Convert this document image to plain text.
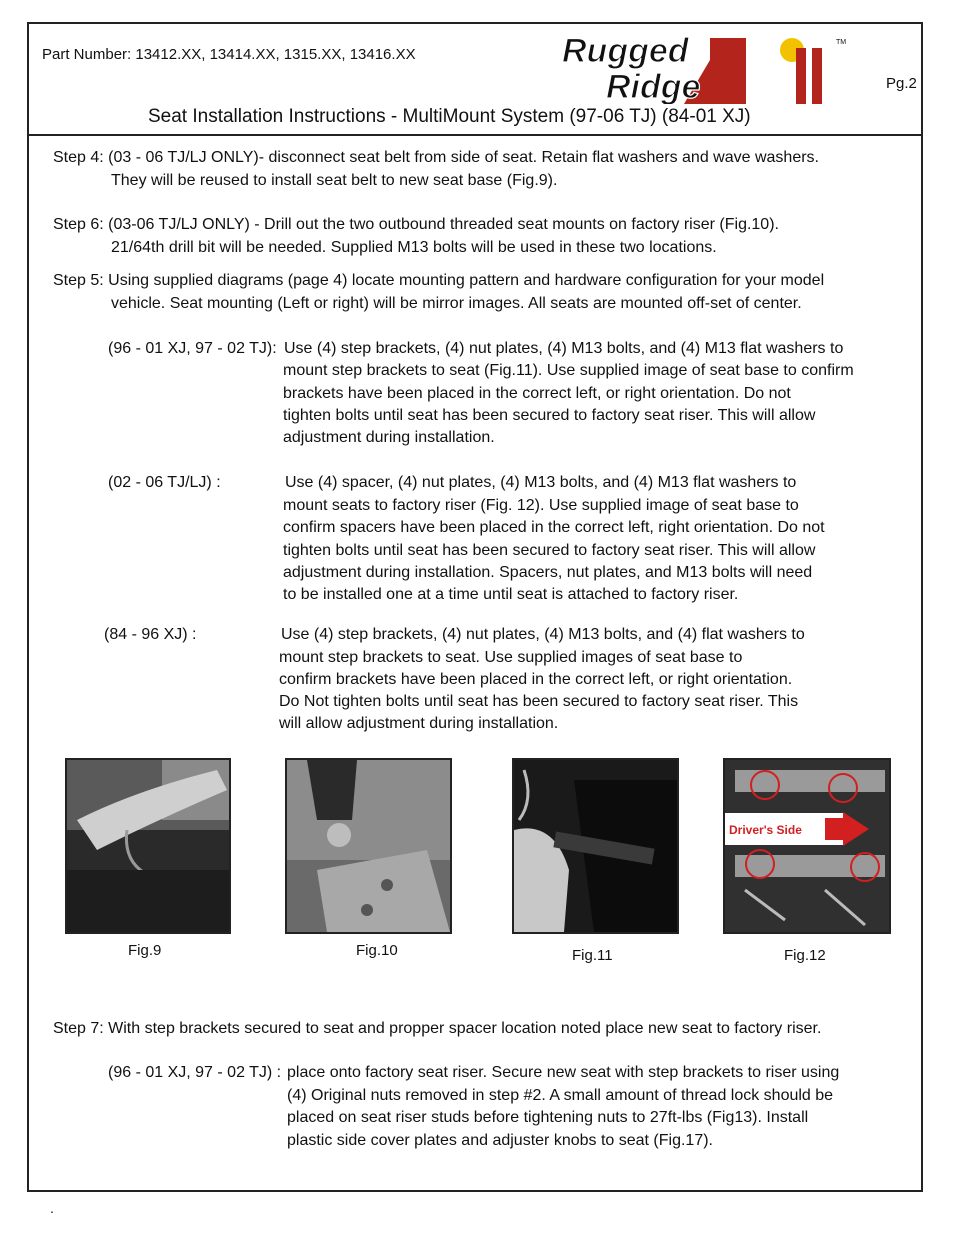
Part Number: 13412.XX, 13414.XX, 1315.XX, 13416.XX
Pg.2
Seat Installation Instructions - MultiMount System (97-06 TJ) (84-01 XJ)
Rugged
Ridge
TM
Step 4: (03 - 06 TJ/LJ ONLY)- disconnect seat belt from side of seat. Retain flat washers and wave washers.
They will be reused to install seat belt to new seat base (Fig.9).
Step 6: (03-06 TJ/LJ ONLY) - Drill out the two outbound threaded seat mounts on factory riser (Fig.10).
21/64th drill bit will be needed. Supplied M13 bolts will be used in these two locations.
Step 5: Using supplied diagrams (page 4) locate mounting pattern and hardware configuration for your model
vehicle. Seat mounting (Left or right) will be mirror images. All seats are mounted off-set of center.
(96 - 01 XJ, 97 - 02 TJ): Use (4) step brackets, (4) nut plates, (4) M13 bolts, and (4) M13 flat washers to
mount step brackets to seat (Fig.11). Use supplied image of seat base to confirm
brackets have been placed in the correct left, or right orientation. Do not
tighten bolts until seat has been secured to factory seat riser. This will allow
adjustment during installation.
(02 - 06 TJ/LJ) :	Use (4) spacer, (4) nut plates, (4) M13 bolts, and (4) M13 flat washers to
mount seats to factory riser (Fig. 12). Use supplied image of seat base to
confirm spacers have been placed in the correct left, right orientation. Do not
tighten bolts until seat has been secured to factory seat riser. This will allow
adjustment during installation. Spacers, nut plates, and M13 bolts will need
to be installed one at a time until seat is attached to factory riser.
(84 - 96 XJ) :	Use (4) step brackets, (4) nut plates, (4) M13 bolts, and (4) flat washers to
mount step brackets to seat. Use supplied images of seat base to
confirm brackets have been placed in the correct left, or right orientation.
Do Not tighten bolts until seat has been secured to factory seat riser. This
will allow adjustment during installation.
Driver's Side
Fig.9	Fig.10	Fig.11	Fig.12
Step 7: With step brackets secured to seat and propper spacer location noted place new seat to factory riser.
(96 - 01 XJ, 97 - 02 TJ) : place onto factory seat riser. Secure new seat with step brackets to riser using
(4) Original nuts removed in step #2. A small amount of thread lock should be
placed on seat riser studs before tightening nuts to 27ft-lbs (Fig13). Install
plastic side cover plates and adjuster knobs to seat (Fig.17).
.
